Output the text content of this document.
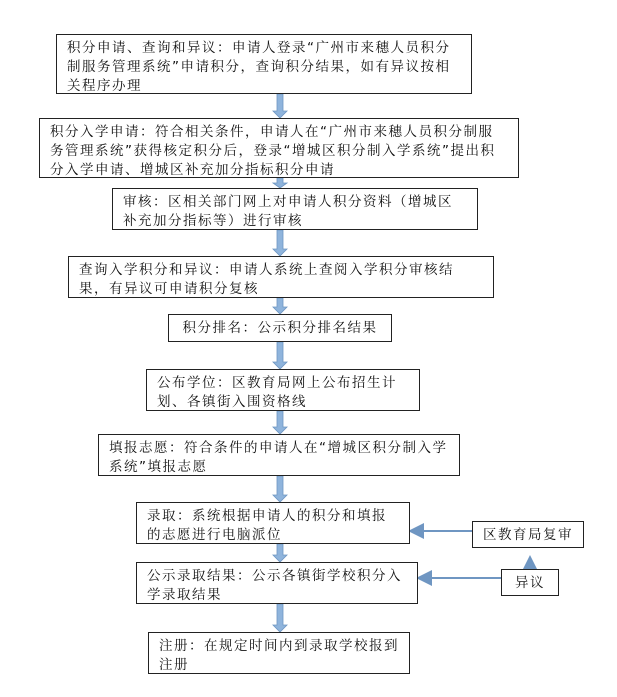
积分申请、查询和异议：申请人登录“广州市来穗人员积分制服务管理系统”申请积分，查询积分结果，如有异议按相关程序办理
积分入学申请：符合相关条件，申请人在“广州市来穗人员积分制服务管理系统”获得核定积分后，登录“增城区积分制入学系统”提出积分入学申请、增城区补充加分指标积分申请
审核：区相关部门网上对申请人积分资料（增城区补充加分指标等）进行审核
查询入学积分和异议：申请人系统上查阅入学积分审核结果，有异议可申请积分复核
积分排名：公示积分排名结果
公布学位：区教育局网上公布招生计划、各镇街入围资格线
填报志愿：符合条件的申请人在“增城区积分制入学系统”填报志愿
录取：系统根据申请人的积分和填报的志愿进行电脑派位
公示录取结果：公示各镇街学校积分入学录取结果
注册：在规定时间内到录取学校报到注册
区教育局复审
异议
